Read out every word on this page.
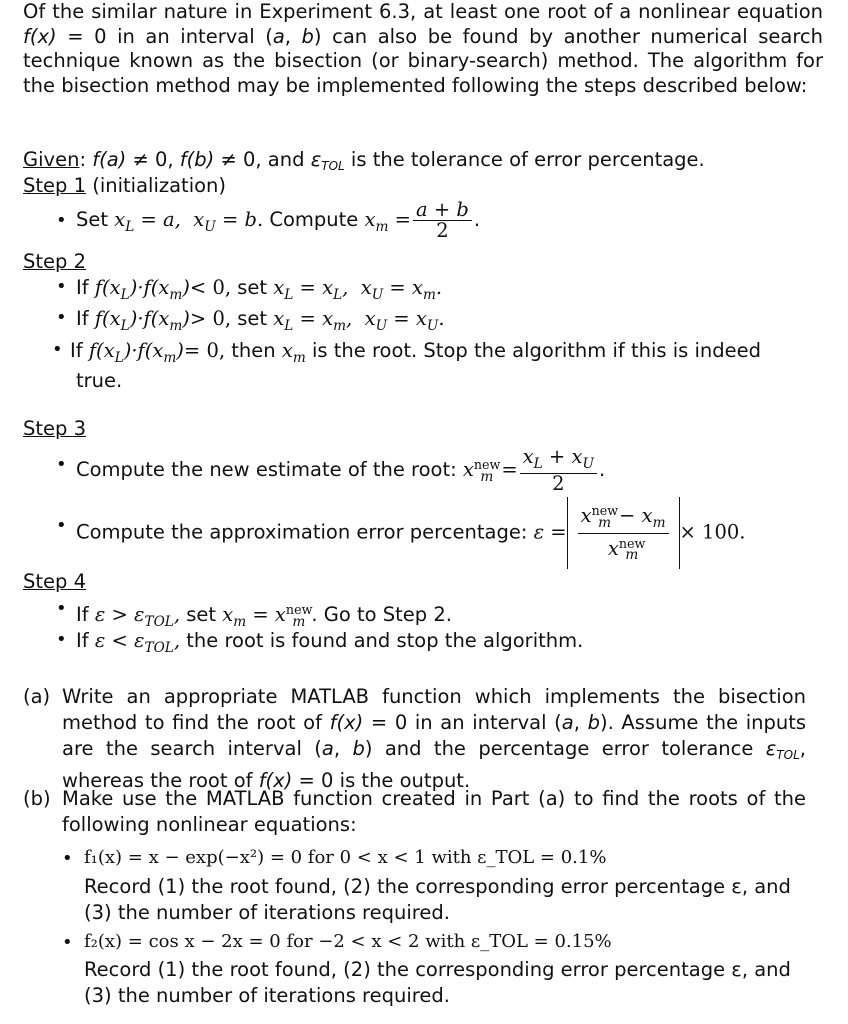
Of the similar nature in Experiment 6.3, at least one root of a nonlinear equation f(x) = 0 in an interval (a, b) can also be found by another numerical search technique known as the bisection (or binary-search) method. The algorithm for the bisection method may be implemented following the steps described below:
Given: f(a) ≠ 0, f(b) ≠ 0, and $\varepsilon_{TOL}$ is the tolerance of error percentage.
Step 1 (initialization)
• Set $x_L = a$,  $x_U = b$. Compute $x_m = \frac{a + b}{2}$ .
Step 2
• If $f(x_L)\cdot f(x_m)< 0$, set $x_L = x_L$,  $x_U = x_m$.
• If $f(x_L)\cdot f(x_m)> 0$, set $x_L = x_m$,  $x_U = x_U$.
• If $f(x_L)\cdot f(x_m)= 0$, then $x_m$ is the root. Stop the algorithm if this is indeed
true.
Step 3
• Compute the new estimate of the root: $x^{new}_m = \frac{x_L + x_U}{2}$ .
• Compute the approximation error percentage: $\varepsilon = \frac{x^{new}_m - x_m}{x^{new}_m} \times 100$.
Step 4
• If $\varepsilon > \varepsilon_{TOL}$, set $x_m = x^{new}_m$ . Go to Step 2.
• If $\varepsilon < \varepsilon_{TOL}$, the root is found and stop the algorithm.
(a) Write an appropriate MATLAB function which implements the bisection method to find the root of f(x) = 0 in an interval (a, b). Assume the inputs are the search interval (a, b) and the percentage error tolerance $\varepsilon_{TOL}$, whereas the root of f(x) = 0 is the output.
(b) Make use the MATLAB function created in Part (a) to find the roots of the following nonlinear equations:
• f₁(x) = x − exp(−x²) = 0 for 0 < x < 1 with ε_TOL = 0.1%
Record (1) the root found, (2) the corresponding error percentage ε, and (3) the number of iterations required.
• f₂(x) = cos x − 2x = 0 for −2 < x < 2 with ε_TOL = 0.15%
Record (1) the root found, (2) the corresponding error percentage ε, and (3) the number of iterations required.
